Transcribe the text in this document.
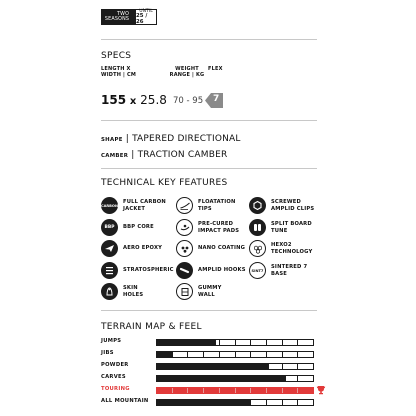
TWO
SEASONS
UNTIL
25 / 26
SPECS
LENGTH X
WIDTH | CM
WEIGHT
RANGE | KG
FLEX
155 x 25.8 70 - 95 7
SHAPE | TAPERED DIRECTIONAL
CAMBER | TRACTION CAMBER
TECHNICAL KEY FEATURES
CARBON
FULL CARBON
JACKET
BBP BBP CORE
AERO EPOXY
STRATOSPHERIC
SKIN
HOLES
FLOATATION
TIPS
PRE-CURED
IMPACT PADS
NANO COATING
AMPLID HOOKS
GUMMY
WALL
SCREWED
AMPLID CLIPS
SPLIT BOARD
TUNE
HEXO2
TECHNOLOGY
SINT7
SINTERED 7
BASE
TERRAIN MAP & FEEL
JUMPS
JIBS
POWDER
CARVES
TOURING
ALL MOUNTAIN
